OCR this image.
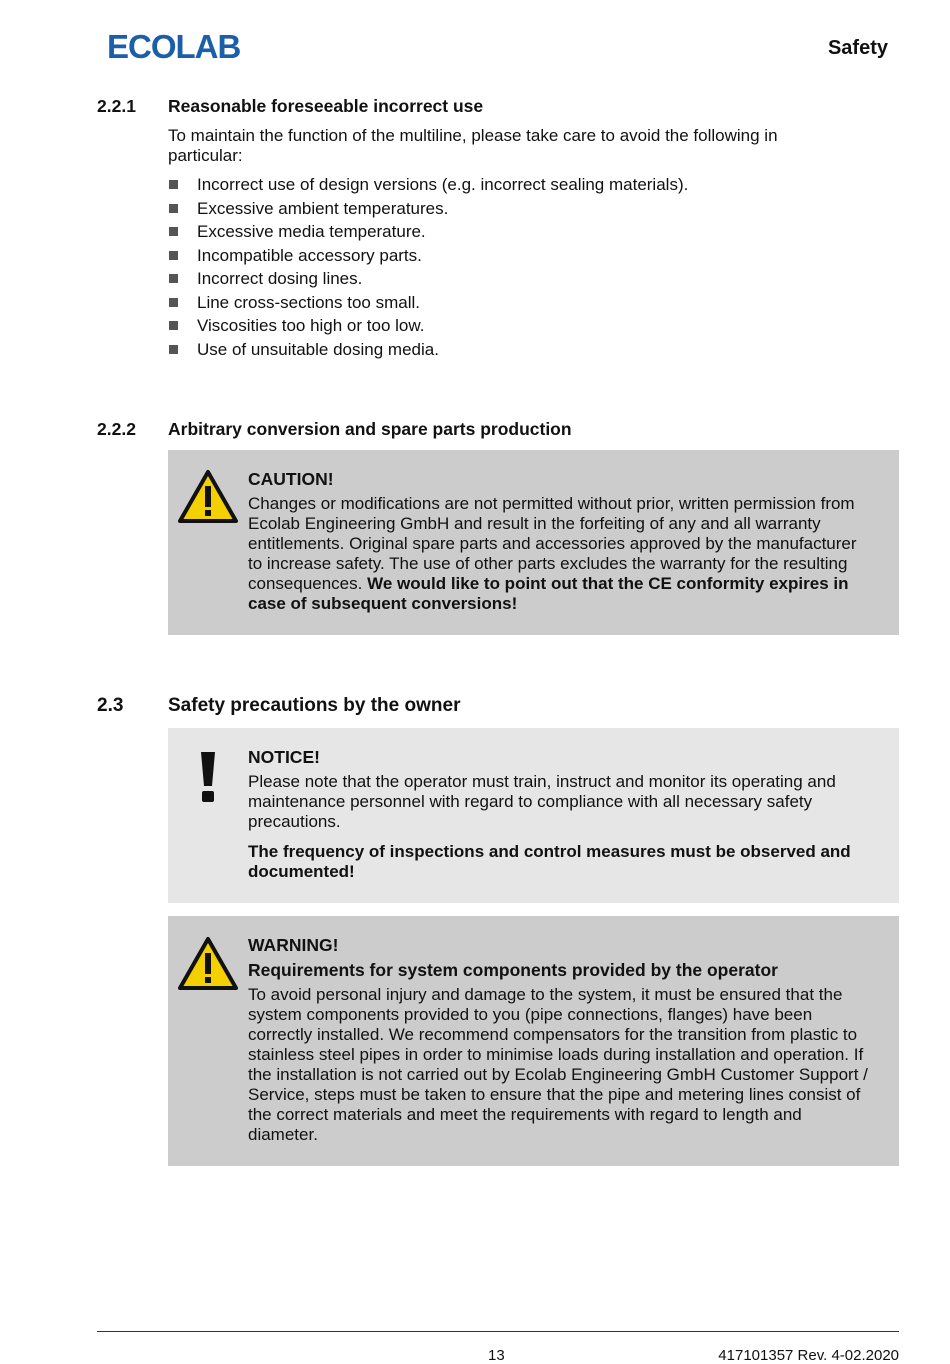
ECOLAB	Safety
2.2.1 Reasonable foreseeable incorrect use
To maintain the function of the multiline, please take care to avoid the following in particular:
Incorrect use of design versions (e.g. incorrect sealing materials).
Excessive ambient temperatures.
Excessive media temperature.
Incompatible accessory parts.
Incorrect dosing lines.
Line cross-sections too small.
Viscosities too high or too low.
Use of unsuitable dosing media.
2.2.2 Arbitrary conversion and spare parts production
CAUTION!

Changes or modifications are not permitted without prior, written permission from Ecolab Engineering GmbH and result in the forfeiting of any and all warranty entitlements. Original spare parts and accessories approved by the manufacturer to increase safety. The use of other parts excludes the warranty for the resulting consequences. We would like to point out that the CE conformity expires in case of subsequent conversions!

2.3 Safety precautions by the owner
NOTICE!

Please note that the operator must train, instruct and monitor its operating and maintenance personnel with regard to compliance with all necessary safety precautions.

The frequency of inspections and control measures must be observed and documented!

WARNING!
Requirements for system components provided by the operator

To avoid personal injury and damage to the system, it must be ensured that the system components provided to you (pipe connections, flanges) have been correctly installed. We recommend compensators for the transition from plastic to stainless steel pipes in order to minimise loads during installation and operation. If the installation is not carried out by Ecolab Engineering GmbH Customer Support / Service, steps must be taken to ensure that the pipe and metering lines consist of the correct materials and meet the requirements with regard to length and diameter.

13	417101357 Rev. 4-02.2020
